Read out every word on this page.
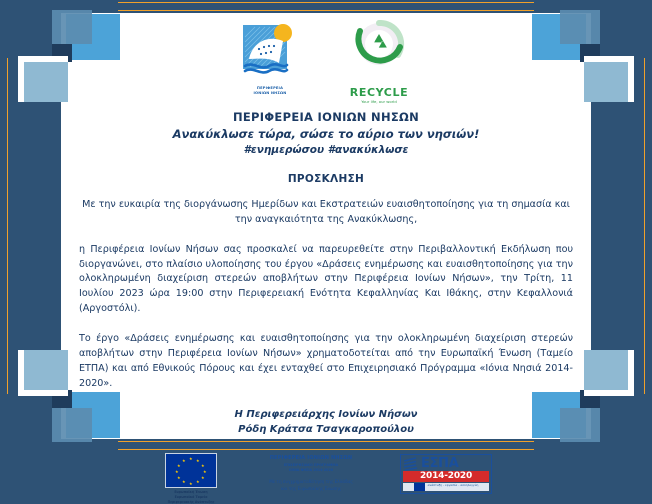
ΠΕΡΙΦΕΡΕΙΑ
ΙΟΝΙΩΝ ΝΗΣΩΝ	RECYCLE
Your life, our world
ΠΕΡΙΦΕΡΕΙΑ ΙΟΝΙΩΝ ΝΗΣΩΝ
Ανακύκλωσε τώρα, σώσε το αύριο των νησιών!
#ενημερώσου #ανακύκλωσε
ΠΡΟΣΚΛΗΣΗ
Με την ευκαιρία της διοργάνωσης Ημερίδων και Εκστρατειών ευαισθητοποίησης για τη σημασία και την αναγκαιότητα της Ανακύκλωσης,
η Περιφέρεια Ιονίων Νήσων σας προσκαλεί να παρευρεθείτε στην Περιβαλλοντική Εκδήλωση που διοργανώνει, στο πλαίσιο υλοποίησης του έργου «Δράσεις ενημέρωσης και ευαισθητοποίησης για την ολοκληρωμένη διαχείριση στερεών αποβλήτων στην Περιφέρεια Ιονίων Νήσων», την Τρίτη, 11 Ιουλίου 2023 ώρα 19:00 στην Περιφερειακή Ενότητα Κεφαλληνίας Και Ιθάκης, στην Κεφαλλονιά (Αργοστόλι).
Το έργο «Δράσεις ενημέρωσης και ευαισθητοποίησης για την ολοκληρωμένη διαχείριση στερεών αποβλήτων στην Περιφέρεια Ιονίων Νήσων» χρηματοδοτείται από την Ευρωπαϊκή Ένωση (Ταμείο ΕΤΠΑ) και από Εθνικούς Πόρους και έχει ενταχθεί στο Επιχειρησιακό Πρόγραμμα «Ιόνια Νησιά 2014-2020».
Η Περιφερειάρχης Ιονίων Νήσων
Ρόδη Κράτσα Τσαγκαροπούλου
★ ★
★
★
★
★
★
★
★
★
★
★
Ευρωπαϊκή Ένωση
Ευρωπαϊκό Ταμείο
Περιφερειακής Ανάπτυξης
ΠΕΡΙΦΕΡΕΙΑ ΙΟΝΙΩΝ ΝΗΣΩΝ
ΕΠΙΧΕΙΡΗΣΙΑΚΟ ΠΡΟΓΡΑΜΜΑ
ΙΟΝΙΑ ΝΗΣΙΑ 2014-2020
Με τη συγχρηματοδότηση της Ελλάδας
και της Ευρωπαϊκής Ένωσης
ΕΣΠΑ
2014-2020
ανάπτυξη - εργασία - αλληλεγγύη
